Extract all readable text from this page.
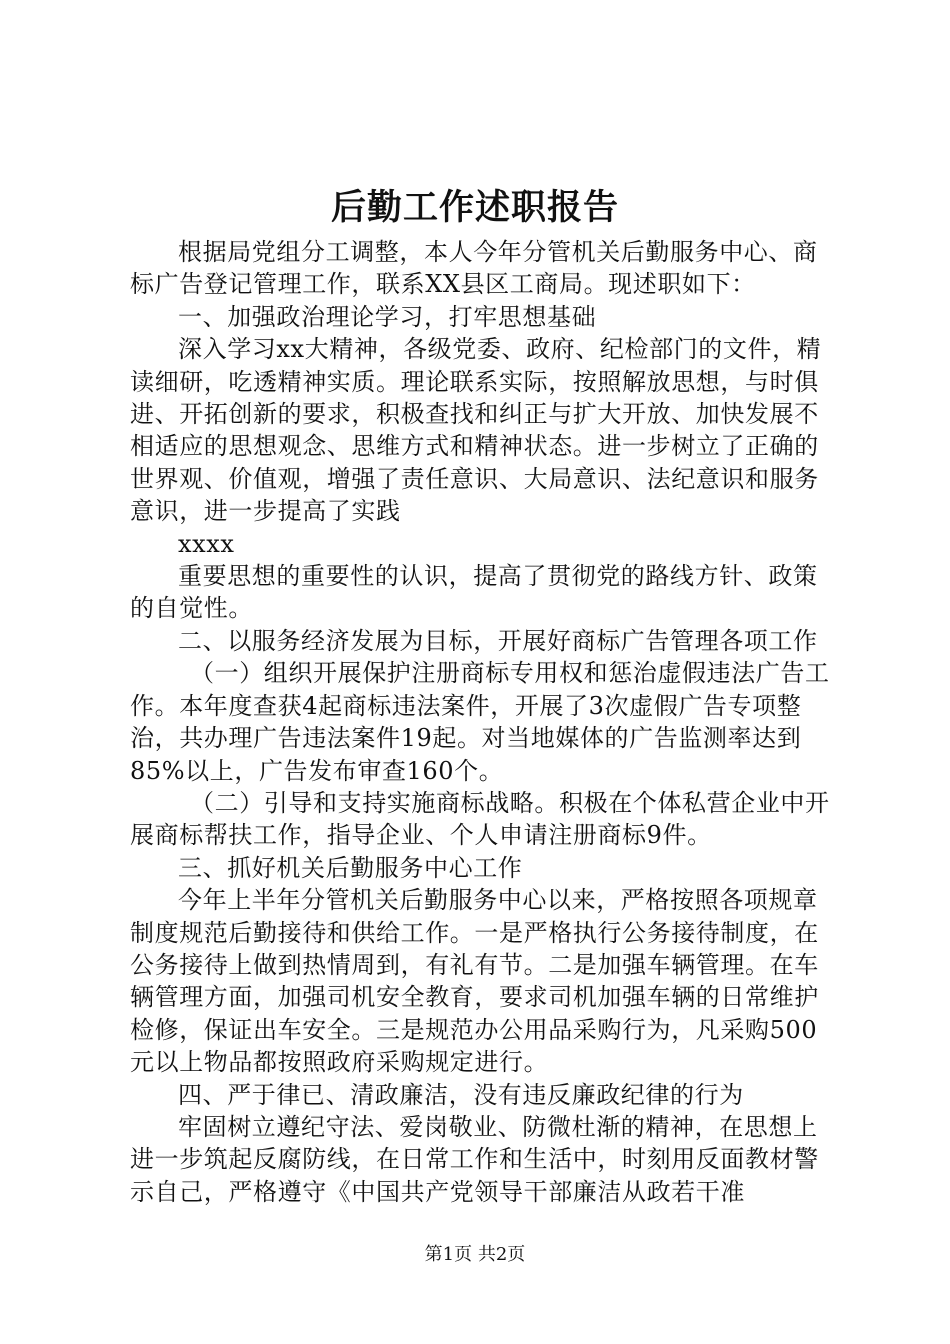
后勤工作述职报告

根据局党组分工调整，本人今年分管机关后勤服务中心、商标广告登记管理工作，联系XX县区工商局。现述职如下：

一、加强政治理论学习，打牢思想基础

深入学习xx大精神，各级党委、政府、纪检部门的文件，精读细研，吃透精神实质。理论联系实际，按照解放思想，与时俱进、开拓创新的要求，积极查找和纠正与扩大开放、加快发展不相适应的思想观念、思维方式和精神状态。进一步树立了正确的世界观、价值观，增强了责任意识、大局意识、法纪意识和服务意识，进一步提高了实践

xxxx

重要思想的重要性的认识，提高了贯彻党的路线方针、政策的自觉性。

二、以服务经济发展为目标，开展好商标广告管理各项工作

（一）组织开展保护注册商标专用权和惩治虚假违法广告工作。本年度查获4起商标违法案件，开展了3次虚假广告专项整治，共办理广告违法案件19起。对当地媒体的广告监测率达到85%以上，广告发布审查160个。

（二）引导和支持实施商标战略。积极在个体私营企业中开展商标帮扶工作，指导企业、个人申请注册商标9件。

三、抓好机关后勤服务中心工作

今年上半年分管机关后勤服务中心以来，严格按照各项规章制度规范后勤接待和供给工作。一是严格执行公务接待制度，在公务接待上做到热情周到，有礼有节。二是加强车辆管理。在车辆管理方面，加强司机安全教育，要求司机加强车辆的日常维护检修，保证出车安全。三是规范办公用品采购行为，凡采购500元以上物品都按照政府采购规定进行。

四、严于律已、清政廉洁，没有违反廉政纪律的行为

牢固树立遵纪守法、爱岗敬业、防微杜渐的精神，在思想上进一步筑起反腐防线，在日常工作和生活中，时刻用反面教材警示自己，严格遵守《中国共产党领导干部廉洁从政若干准

第1页 共2页
